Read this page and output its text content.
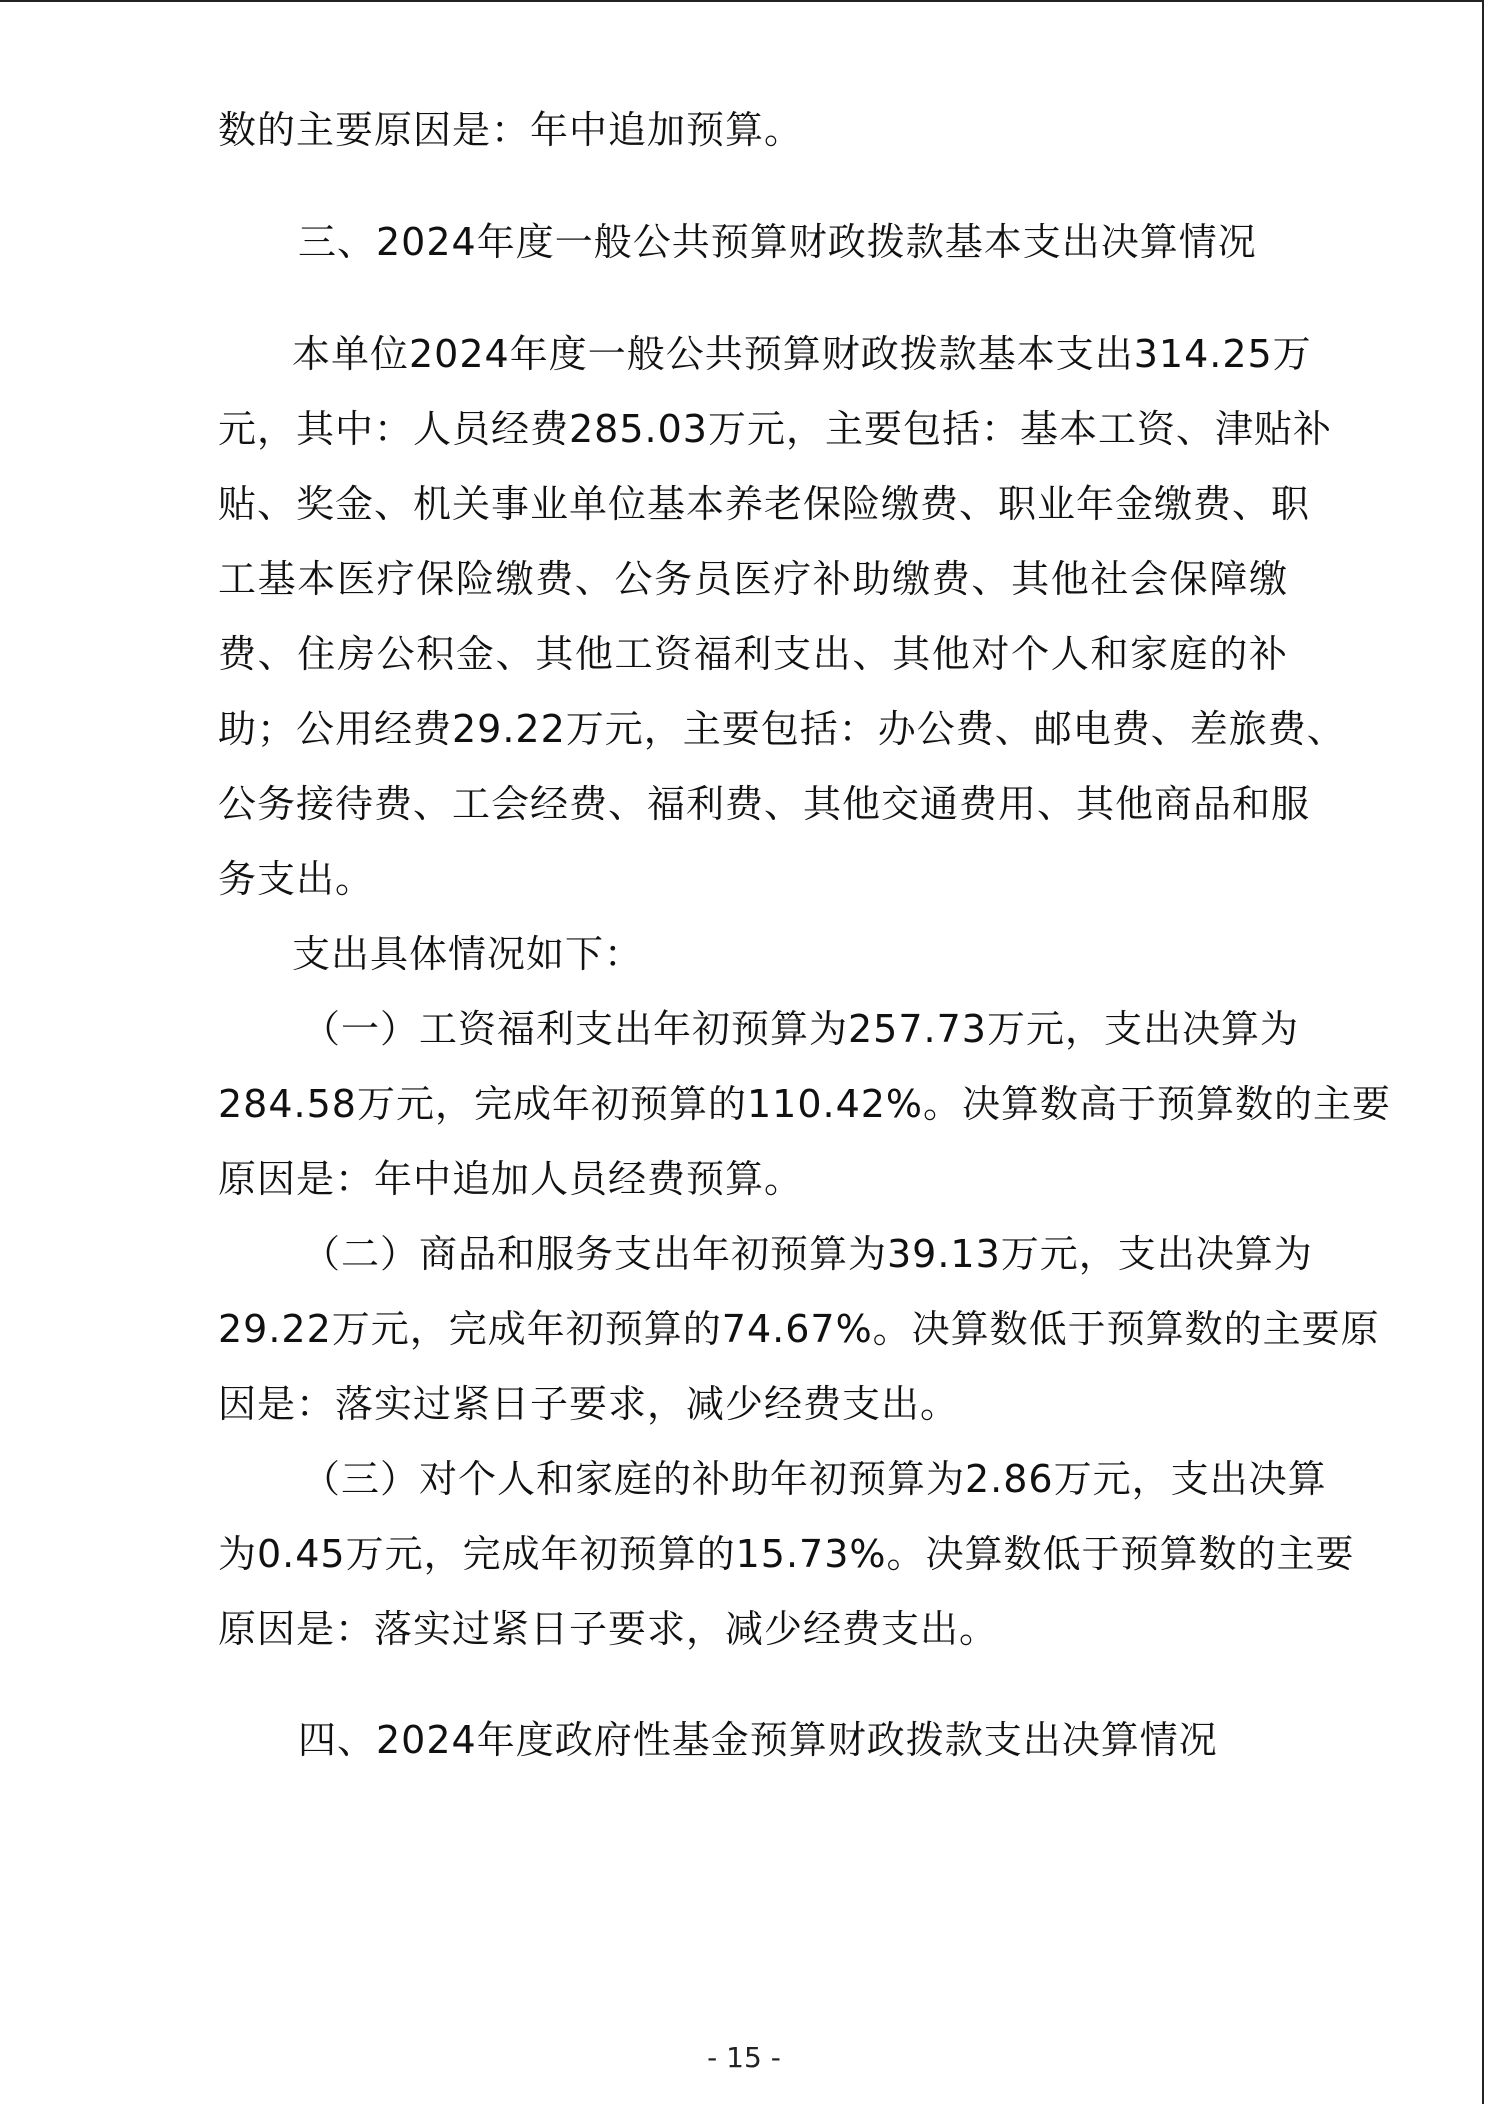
数的主要原因是：年中追加预算。
三、2024年度一般公共预算财政拨款基本支出决算情况
本单位2024年度一般公共预算财政拨款基本支出314.25万
元，其中：人员经费285.03万元，主要包括：基本工资、津贴补
贴、奖金、机关事业单位基本养老保险缴费、职业年金缴费、职
工基本医疗保险缴费、公务员医疗补助缴费、其他社会保障缴
费、住房公积金、其他工资福利支出、其他对个人和家庭的补
助；公用经费29.22万元，主要包括：办公费、邮电费、差旅费、
公务接待费、工会经费、福利费、其他交通费用、其他商品和服
务支出。
支出具体情况如下：
（一）工资福利支出年初预算为257.73万元，支出决算为
284.58万元，完成年初预算的110.42%。决算数高于预算数的主要
原因是：年中追加人员经费预算。
（二）商品和服务支出年初预算为39.13万元，支出决算为
29.22万元，完成年初预算的74.67%。决算数低于预算数的主要原
因是：落实过紧日子要求，减少经费支出。
（三）对个人和家庭的补助年初预算为2.86万元，支出决算
为0.45万元，完成年初预算的15.73%。决算数低于预算数的主要
原因是：落实过紧日子要求，减少经费支出。
四、2024年度政府性基金预算财政拨款支出决算情况
- 15 -
